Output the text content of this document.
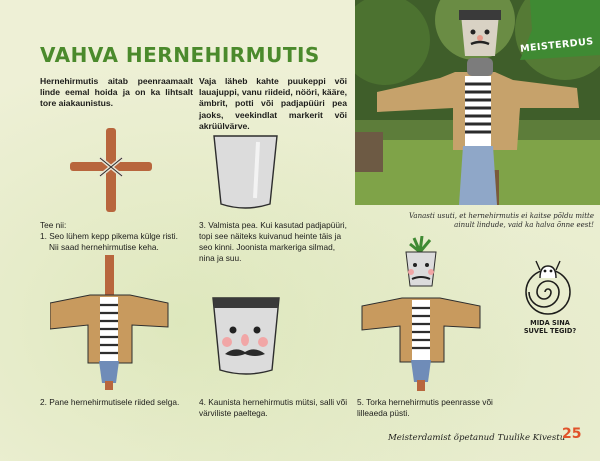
VAHVA HERNEHIRMUTIS

Hernehirmutis aitab peenraamaalt linde eemal hoida ja on ka lihtsalt tore aiakaunistus.

Vaja läheb kahte puukeppi või lauajuppi, vanu riideid, nööri, kääre, ämbrit, potti või padjapüüri pea jaoks, veekindlat markerit või akrüülvärve.

MEISTERDUS

Vanasti usuti, et hernehirmutis ei kaitse põldu mitte ainult lindude, vaid ka halva õnne eest!

Tee nii:
1. Seo lühem kepp pikema külge risti.
Nii saad hernehirmutise keha.
3. Valmista pea. Kui kasutad padjapüüri, topi see näiteks kuivanud heinte täis ja seo kinni. Joonista markeriga silmad, nina ja suu.
2. Pane hernehirmutisele riided selga.	4. Kaunista hernehirmutis mütsi, salli või värviliste paeltega.
5. Torka hernehirmutis peenrasse või lilleaeda püsti.
MIDA SINA
SUVEL TEGID?
Meisterdamist õpetanud Tuulike Kivestu
25
